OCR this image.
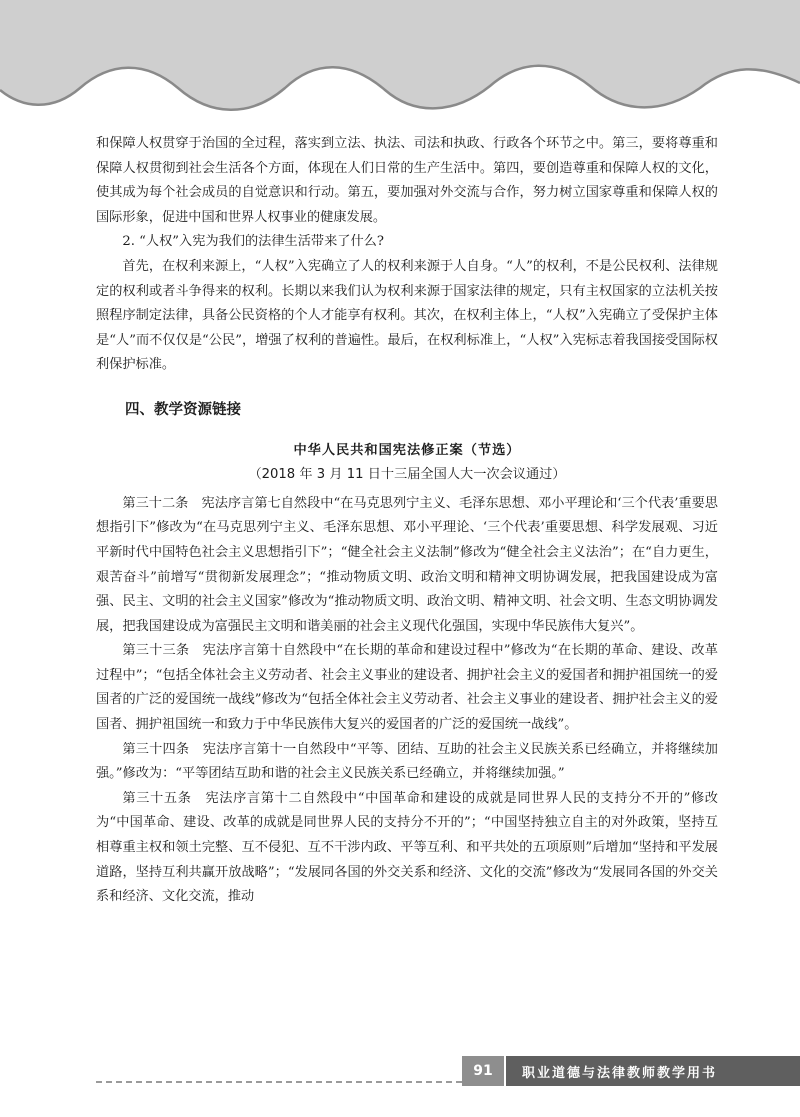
和保障人权贯穿于治国的全过程，落实到立法、执法、司法和执政、行政各个环节之中。第三，要将尊重和保障人权贯彻到社会生活各个方面，体现在人们日常的生产生活中。第四，要创造尊重和保障人权的文化，使其成为每个社会成员的自觉意识和行动。第五，要加强对外交流与合作，努力树立国家尊重和保障人权的国际形象，促进中国和世界人权事业的健康发展。

2. “人权”入宪为我们的法律生活带来了什么?

首先，在权利来源上，“人权”入宪确立了人的权利来源于人自身。“人”的权利，不是公民权利、法律规定的权利或者斗争得来的权利。长期以来我们认为权利来源于国家法律的规定，只有主权国家的立法机关按照程序制定法律，具备公民资格的个人才能享有权利。其次，在权利主体上，“人权”入宪确立了受保护主体是“人”而不仅仅是“公民”，增强了权利的普遍性。最后，在权利标准上，“人权”入宪标志着我国接受国际权利保护标准。

四、教学资源链接

中华人民共和国宪法修正案（节选）

（2018 年 3 月 11 日十三届全国人大一次会议通过）

第三十二条　宪法序言第七自然段中“在马克思列宁主义、毛泽东思想、邓小平理论和‘三个代表’重要思想指引下”修改为“在马克思列宁主义、毛泽东思想、邓小平理论、‘三个代表’重要思想、科学发展观、习近平新时代中国特色社会主义思想指引下”；“健全社会主义法制”修改为“健全社会主义法治”；在“自力更生，艰苦奋斗”前增写“贯彻新发展理念”；“推动物质文明、政治文明和精神文明协调发展，把我国建设成为富强、民主、文明的社会主义国家”修改为“推动物质文明、政治文明、精神文明、社会文明、生态文明协调发展，把我国建设成为富强民主文明和谐美丽的社会主义现代化强国，实现中华民族伟大复兴”。

第三十三条　宪法序言第十自然段中“在长期的革命和建设过程中”修改为“在长期的革命、建设、改革过程中”；“包括全体社会主义劳动者、社会主义事业的建设者、拥护社会主义的爱国者和拥护祖国统一的爱国者的广泛的爱国统一战线”修改为“包括全体社会主义劳动者、社会主义事业的建设者、拥护社会主义的爱国者、拥护祖国统一和致力于中华民族伟大复兴的爱国者的广泛的爱国统一战线”。

第三十四条　宪法序言第十一自然段中“平等、团结、互助的社会主义民族关系已经确立，并将继续加强。”修改为：“平等团结互助和谐的社会主义民族关系已经确立，并将继续加强。”

第三十五条　宪法序言第十二自然段中“中国革命和建设的成就是同世界人民的支持分不开的”修改为“中国革命、建设、改革的成就是同世界人民的支持分不开的”；“中国坚持独立自主的对外政策，坚持互相尊重主权和领土完整、互不侵犯、互不干涉内政、平等互利、和平共处的五项原则”后增加“坚持和平发展道路，坚持互利共赢开放战略”；“发展同各国的外交关系和经济、文化的交流”修改为“发展同各国的外交关系和经济、文化交流，推动

91	职业道德与法律教师教学用书
